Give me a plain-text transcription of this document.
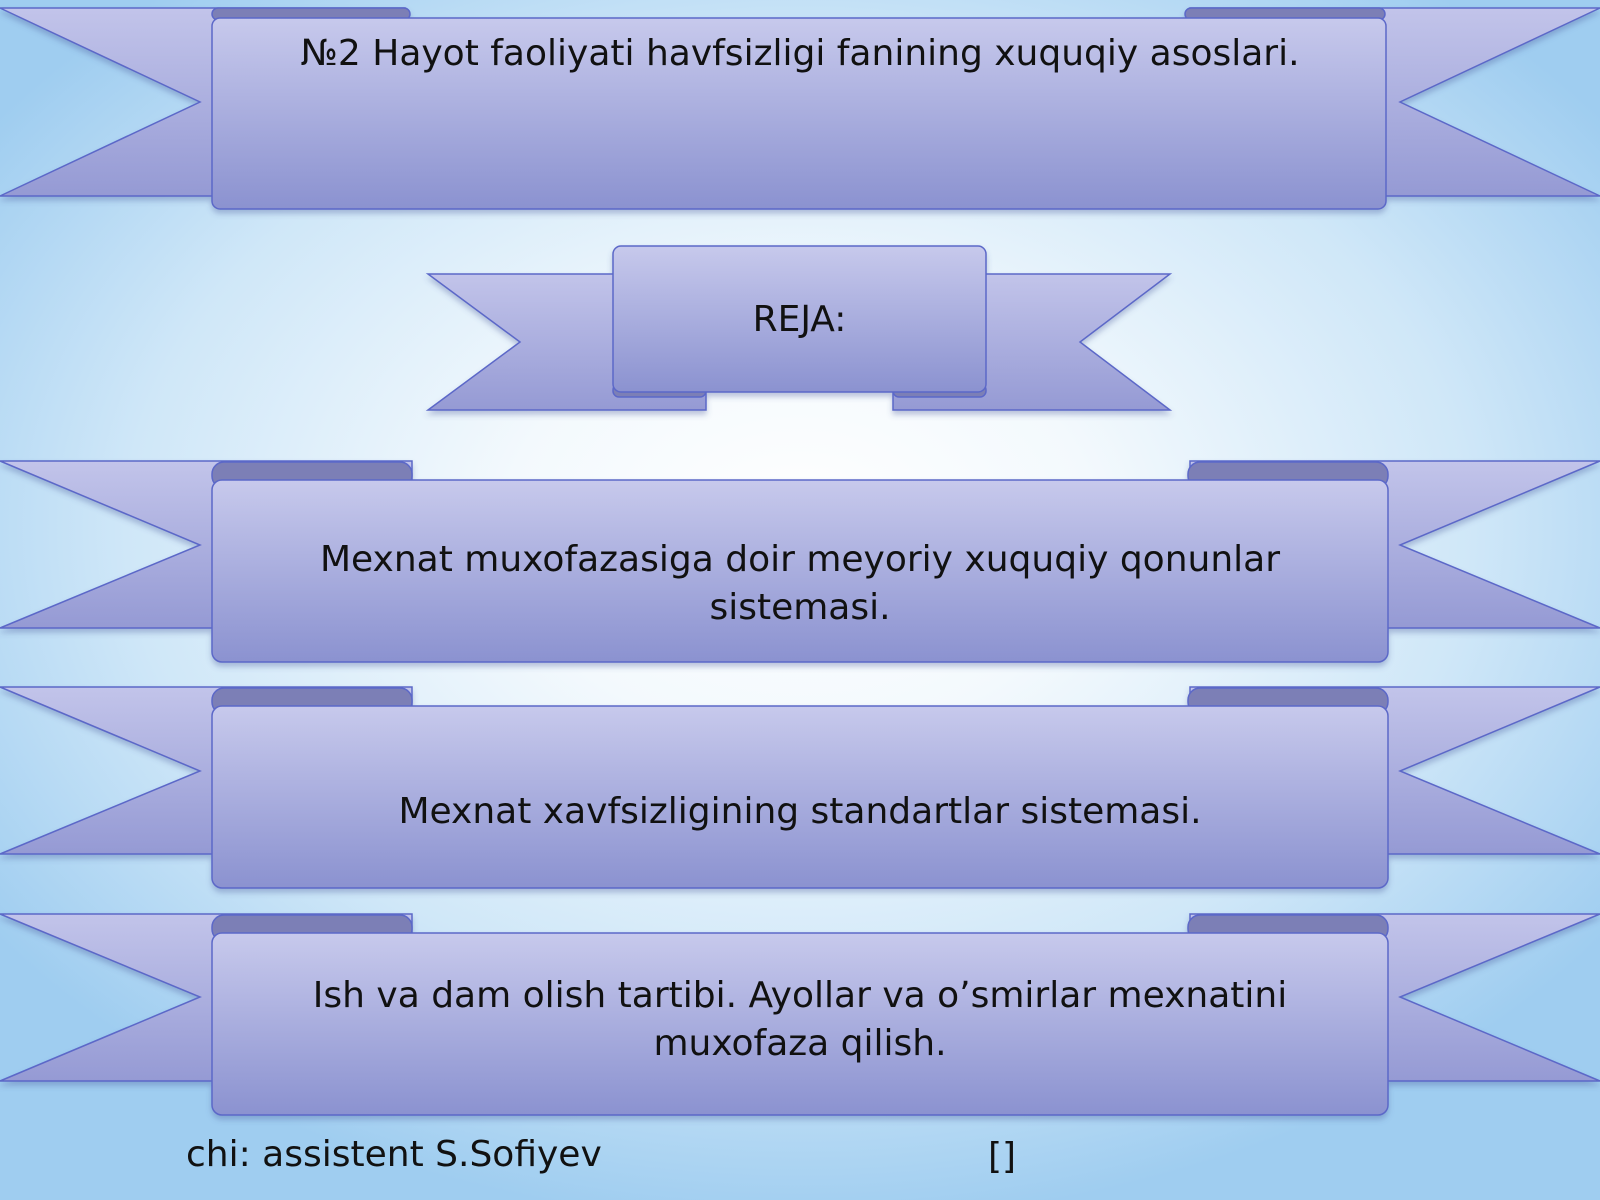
№2 Hayot faoliyati havfsizligi fanining xuquqiy asoslari.
REJA:
Mexnat muxofazasiga doir meyoriy xuquqiy qonunlar sistemasi.
Mexnat xavfsizligining standartlar sistemasi.
Ish va dam olish tartibi. Ayollar va o’smirlar mexnatini muxofaza qilish.
chi: assistent S.Sofiyev	[]
